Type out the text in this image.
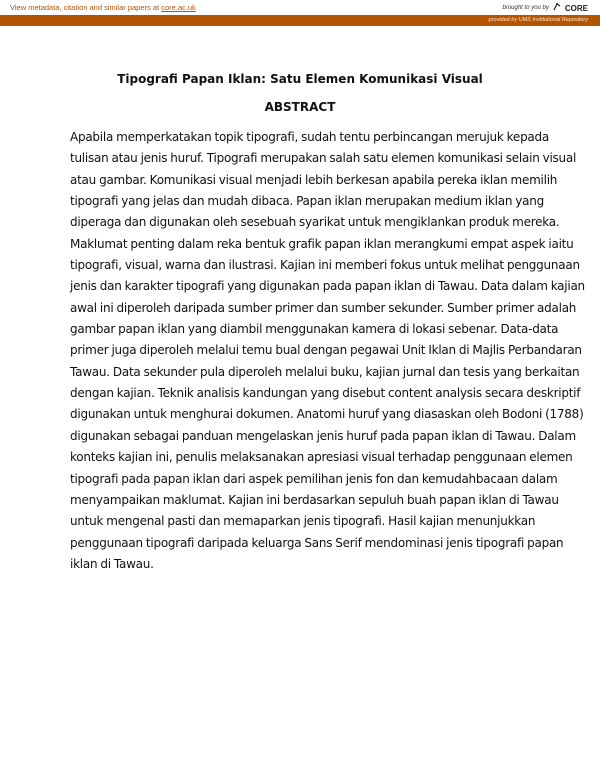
View metadata, citation and similar papers at core.ac.uk	brought to you by CORE
provided by UMS Institutional Repository
Tipografi Papan Iklan: Satu Elemen Komunikasi Visual
ABSTRACT
Apabila memperkatakan topik tipografi, sudah tentu perbincangan merujuk kepada
tulisan atau jenis huruf. Tipografi merupakan salah satu elemen komunikasi selain visual
atau gambar. Komunikasi visual menjadi lebih berkesan apabila pereka iklan memilih
tipografi yang jelas dan mudah dibaca. Papan iklan merupakan medium iklan yang
diperaga dan digunakan oleh sesebuah syarikat untuk mengiklankan produk mereka.
Maklumat penting dalam reka bentuk grafik papan iklan merangkumi empat aspek iaitu
tipografi, visual, warna dan ilustrasi. Kajian ini memberi fokus untuk melihat penggunaan
jenis dan karakter tipografi yang digunakan pada papan iklan di Tawau. Data dalam kajian
awal ini diperoleh daripada sumber primer dan sumber sekunder. Sumber primer adalah
gambar papan iklan yang diambil menggunakan kamera di lokasi sebenar. Data-data
primer juga diperoleh melalui temu bual dengan pegawai Unit Iklan di Majlis Perbandaran
Tawau. Data sekunder pula diperoleh melalui buku, kajian jurnal dan tesis yang berkaitan
dengan kajian. Teknik analisis kandungan yang disebut content analysis secara deskriptif
digunakan untuk menghurai dokumen. Anatomi huruf yang diasaskan oleh Bodoni (1788)
digunakan sebagai panduan mengelaskan jenis huruf pada papan iklan di Tawau. Dalam
konteks kajian ini, penulis melaksanakan apresiasi visual terhadap penggunaan elemen
tipografi pada papan iklan dari aspek pemilihan jenis fon dan kemudahbacaan dalam
menyampaikan maklumat. Kajian ini berdasarkan sepuluh buah papan iklan di Tawau
untuk mengenal pasti dan memaparkan jenis tipografi. Hasil kajian menunjukkan
penggunaan tipografi daripada keluarga Sans Serif mendominasi jenis tipografi papan
iklan di Tawau.
